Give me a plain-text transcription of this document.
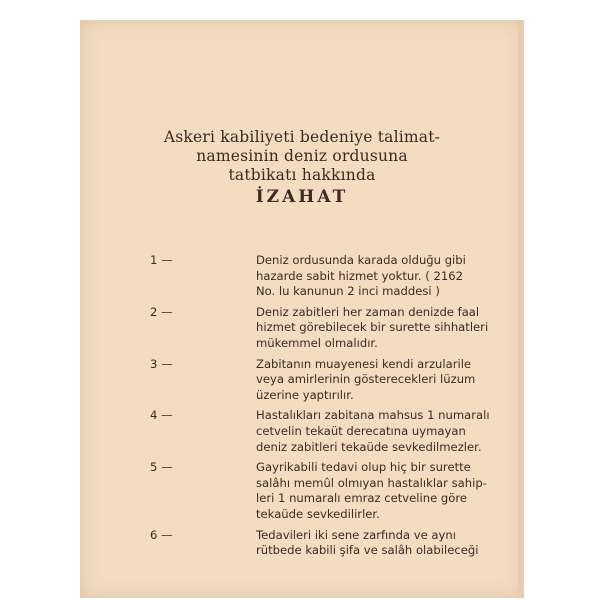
Askeri kabiliyeti bedeniye talimat-
namesinin deniz ordusuna
tatbikatı hakkında
İZAHAT
1 —	Deniz ordusunda karada olduğu gibi
hazarde sabit hizmet yoktur. ( 2162
No. lu kanunun 2 inci maddesi )
2 —	Deniz zabitleri her zaman denizde faal
hizmet görebilecek bir surette sihhatleri
mükemmel olmalıdır.
3 —	Zabitanın muayenesi kendi arzularile
veya amirlerinin gösterecekleri lüzum
üzerine yaptırılır.
4 —	Hastalıkları zabitana mahsus 1 numaralı
cetvelin tekaüt derecatına uymayan
deniz zabitleri tekaüde sevkedilmezler.
5 —	Gayrikabili tedavi olup hiç bir surette
salâhı memûl olmıyan hastalıklar sahip-
leri 1 numaralı emraz cetveline göre
tekaüde sevkedilirler.
6 —	Tedavileri iki sene zarfında ve aynı
rütbede kabili şifa ve salâh olabileceği
